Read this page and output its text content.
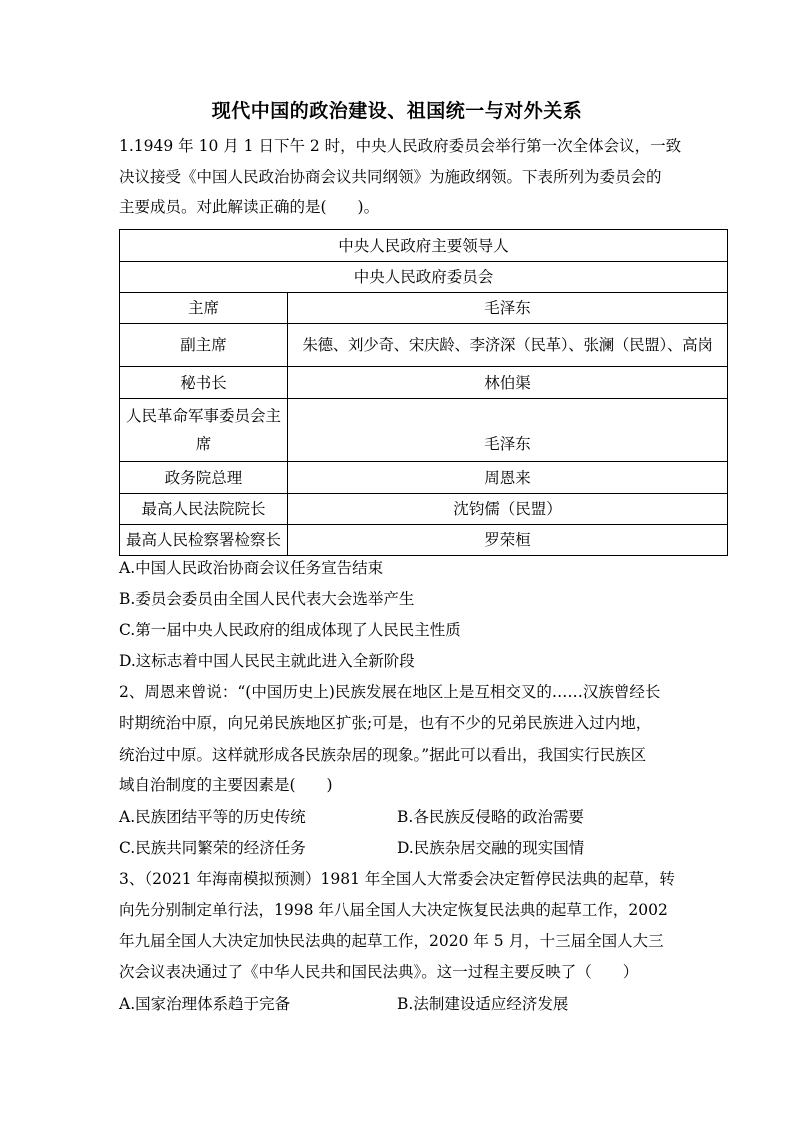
现代中国的政治建设、祖国统一与对外关系
1.1949 年 10 月 1 日下午 2 时，中央人民政府委员会举行第一次全体会议，一致
决议接受《中国人民政治协商会议共同纲领》为施政纲领。下表所列为委员会的
主要成员。对此解读正确的是(　　)。
中央人民政府主要领导人	
中央人民政府委员会	
主席	毛泽东
副主席	朱德、刘少奇、宋庆龄、李济深（民革）、张澜（民盟）、高岗
秘书长	林伯渠
人民革命军事委员会主
席	毛泽东
政务院总理	周恩来
最高人民法院院长	沈钧儒（民盟）
最高人民检察署检察长	罗荣桓
A.中国人民政治协商会议任务宣告结束
B.委员会委员由全国人民代表大会选举产生
C.第一届中央人民政府的组成体现了人民民主性质
D.这标志着中国人民民主就此进入全新阶段
2、周恩来曾说：“(中国历史上)民族发展在地区上是互相交叉的……汉族曾经长
时期统治中原，向兄弟民族地区扩张;可是，也有不少的兄弟民族进入过内地，
统治过中原。这样就形成各民族杂居的现象。”据此可以看出，我国实行民族区
域自治制度的主要因素是(　　)
A.民族团结平等的历史传统	B.各民族反侵略的政治需要
C.民族共同繁荣的经济任务	D.民族杂居交融的现实国情
3、（2021 年海南模拟预测）1981 年全国人大常委会决定暂停民法典的起草，转
向先分别制定单行法，1998 年八届全国人大决定恢复民法典的起草工作，2002
年九届全国人大决定加快民法典的起草工作，2020 年 5 月，十三届全国人大三
次会议表决通过了《中华人民共和国民法典》。这一过程主要反映了（　　）
A.国家治理体系趋于完备	B.法制建设适应经济发展
